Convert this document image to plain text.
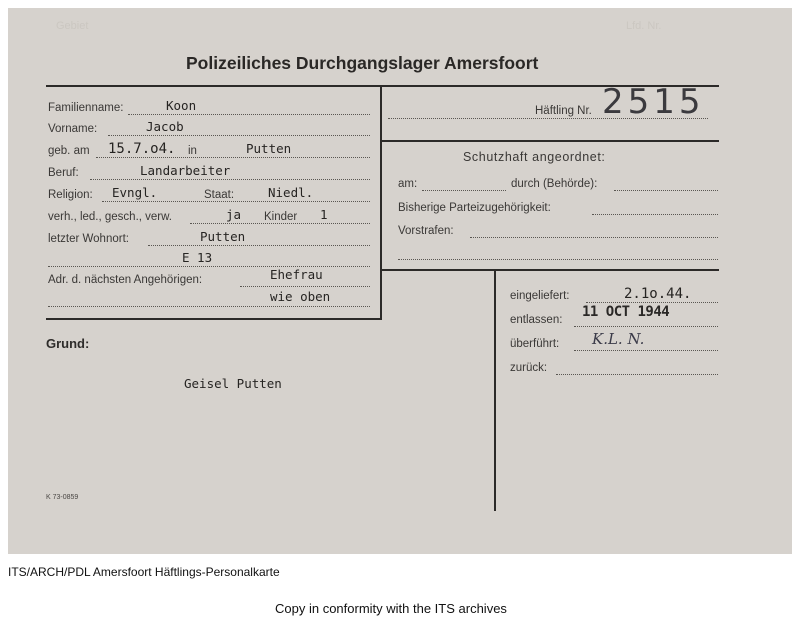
Gebiet	Lfd. Nr.
Polizeiliches Durchgangslager Amersfoort
Familienname:	Koon
Vorname:	Jacob
geb. am 15.7.o4. in	Putten
Beruf:	Landarbeiter
Religion: Evngl.	Staat:	Niedl.
verh., led., gesch., verw.	ja Kinder 1
letzter Wohnort:	Putten
E 13
Adr. d. nächsten Angehörigen:	Ehefrau
wie oben
Häftling Nr. 2515
Schutzhaft angeordnet:
am:	durch (Behörde):
Bisherige Parteizugehörigkeit:
Vorstrafen:
eingeliefert:	2.1o.44.
entlassen: 11 OCT 1944
überführt: K.L. N.
zurück:
Grund:
Geisel Putten
K 73-0859
ITS/ARCH/PDL Amersfoort Häftlings-Personalkarte
Copy in conformity with the ITS archives
